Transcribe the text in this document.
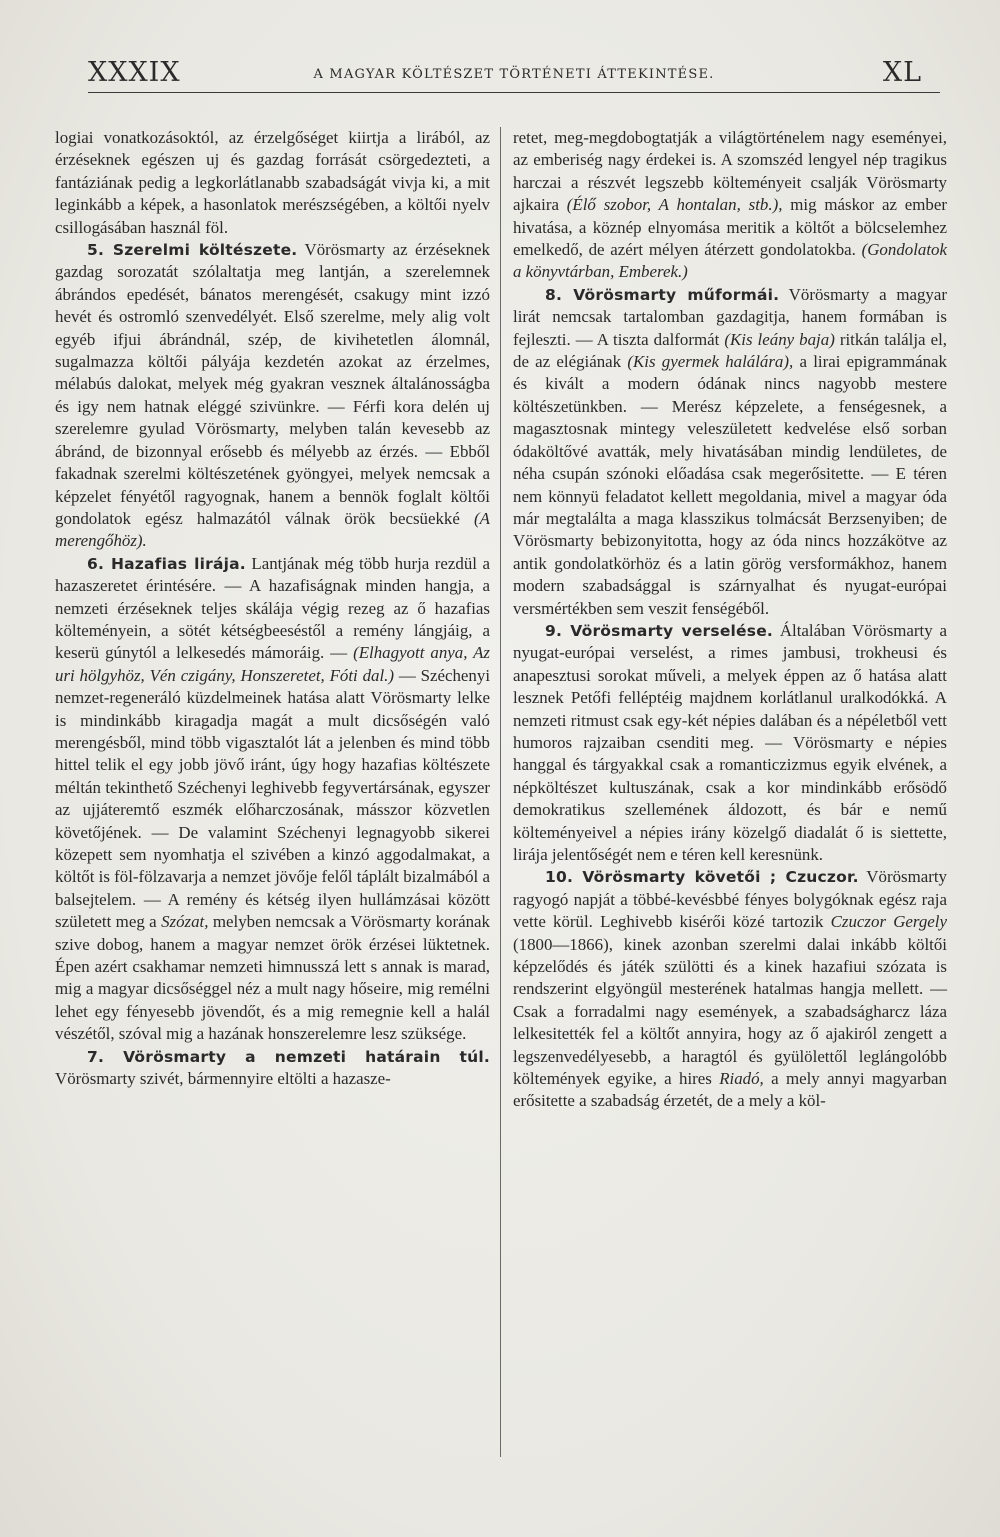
XXXIX	A MAGYAR KÖLTÉSZET TÖRTÉNETI ÁTTEKINTÉSE.	XL

logiai vonatkozásoktól, az érzelgőséget kiirtja a lirából, az érzéseknek egészen uj és gazdag forrását csörgedezteti, a fantáziának pedig a legkorlátlanabb szabadságát vivja ki, a mit leginkább a képek, a hasonlatok merészségében, a költői nyelv csillogásában használ föl.

5. Szerelmi költészete. Vörösmarty az érzéseknek gazdag sorozatát szólaltatja meg lantján, a szerelemnek ábrándos epedését, bánatos merengését, csakugy mint izzó hevét és ostromló szenvedélyét. Első szerelme, mely alig volt egyéb ifjui ábrándnál, szép, de kivihetetlen álomnál, sugalmazza költői pályája kezdetén azokat az érzelmes, mélabús dalokat, melyek még gyakran vesznek általánosságba és igy nem hatnak eléggé szivünkre. — Férfi kora delén uj szerelemre gyulad Vörösmarty, melyben talán kevesebb az ábránd, de bizonnyal erősebb és mélyebb az érzés. — Ebből fakadnak szerelmi költészetének gyöngyei, melyek nemcsak a képzelet fényétől ragyognak, hanem a bennök foglalt költői gondolatok egész halmazától válnak örök becsüekké (A merengőhöz).

6. Hazafias lirája. Lantjának még több hurja rezdül a hazaszeretet érintésére. — A hazafiságnak minden hangja, a nemzeti érzéseknek teljes skálája végig rezeg az ő hazafias költeményein, a sötét kétségbeeséstől a remény lángjáig, a keserü gúnytól a lelkesedés mámoráig. — (Elhagyott anya, Az uri hölgyhöz, Vén czigány, Honszeretet, Fóti dal.) — Széchenyi nemzet-regeneráló küzdelmeinek hatása alatt Vörösmarty lelke is mindinkább kiragadja magát a mult dicsőségén való merengésből, mind több vigasztalót lát a jelenben és mind több hittel telik el egy jobb jövő iránt, úgy hogy hazafias költészete méltán tekinthető Széchenyi leghivebb fegyvertársának, egyszer az ujjáteremtő eszmék előharczosának, másszor közvetlen követőjének. — De valamint Széchenyi legnagyobb sikerei közepett sem nyomhatja el szivében a kinzó aggodalmakat, a költőt is föl-fölzavarja a nemzet jövője felől táplált bizalmából a balsejtelem. — A remény és kétség ilyen hullámzásai között született meg a Szózat, melyben nemcsak a Vörösmarty korának szive dobog, hanem a magyar nemzet örök érzései lüktetnek. Épen azért csakhamar nemzeti himnusszá lett s annak is marad, mig a magyar dicsőséggel néz a mult nagy hőseire, mig remélni lehet egy fényesebb jövendőt, és a mig remegnie kell a halál vészétől, szóval mig a hazának honszerelemre lesz szüksége.

7. Vörösmarty a nemzeti határain túl. Vörösmarty szivét, bármennyire eltölti a hazasze-

retet, meg-megdobogtatják a világtörténelem nagy eseményei, az emberiség nagy érdekei is. A szomszéd lengyel nép tragikus harczai a részvét legszebb költeményeit csalják Vörösmarty ajkaira (Élő szobor, A hontalan, stb.), mig máskor az ember hivatása, a köznép elnyomása meritik a költőt a bölcselemhez emelkedő, de azért mélyen átérzett gondolatokba. (Gondolatok a könyvtárban, Emberek.)

8. Vörösmarty műformái. Vörösmarty a magyar lirát nemcsak tartalomban gazdagitja, hanem formában is fejleszti. — A tiszta dalformát (Kis leány baja) ritkán találja el, de az elégiának (Kis gyermek halálára), a lirai epigrammának és kivált a modern ódának nincs nagyobb mestere költészetünkben. — Merész képzelete, a fenségesnek, a magasztosnak mintegy veleszületett kedvelése első sorban ódaköltővé avatták, mely hivatásában mindig lendületes, de néha csupán szónoki előadása csak megerősitette. — E téren nem könnyü feladatot kellett megoldania, mivel a magyar óda már megtalálta a maga klasszikus tolmácsát Berzsenyiben; de Vörösmarty bebizonyitotta, hogy az óda nincs hozzákötve az antik gondolatkörhöz és a latin görög versformákhoz, hanem modern szabadsággal is szárnyalhat és nyugat-európai versmértékben sem veszit fenségéből.

9. Vörösmarty verselése. Általában Vörösmarty a nyugat-európai verselést, a rimes jambusi, trokheusi és anapesztusi sorokat műveli, a melyek éppen az ő hatása alatt lesznek Petőfi felléptéig majdnem korlátlanul uralkodókká. A nemzeti ritmust csak egy-két népies dalában és a népéletből vett humoros rajzaiban csenditi meg. — Vörösmarty e népies hanggal és tárgyakkal csak a romanticzizmus egyik elvének, a népköltészet kultuszának, csak a kor mindinkább erősödő demokratikus szellemének áldozott, és bár e nemű költeményeivel a népies irány közelgő diadalát ő is siettette, lirája jelentőségét nem e téren kell keresnünk.

10. Vörösmarty követői ; Czuczor. Vörösmarty ragyogó napját a többé-kevésbbé fényes bolygóknak egész raja vette körül. Leghivebb kisérői közé tartozik Czuczor Gergely (1800—1866), kinek azonban szerelmi dalai inkább költői képzelődés és játék szülötti és a kinek hazafiui szózata is rendszerint elgyöngül mesterének hatalmas hangja mellett. — Csak a forradalmi nagy események, a szabadságharcz láza lelkesitették fel a költőt annyira, hogy az ő ajakiról zengett a legszenvedélyesebb, a haragtól és gyülölettől leglángolóbb költemények egyike, a hires Riadó, a mely annyi magyarban erősitette a szabadság érzetét, de a mely a köl-
